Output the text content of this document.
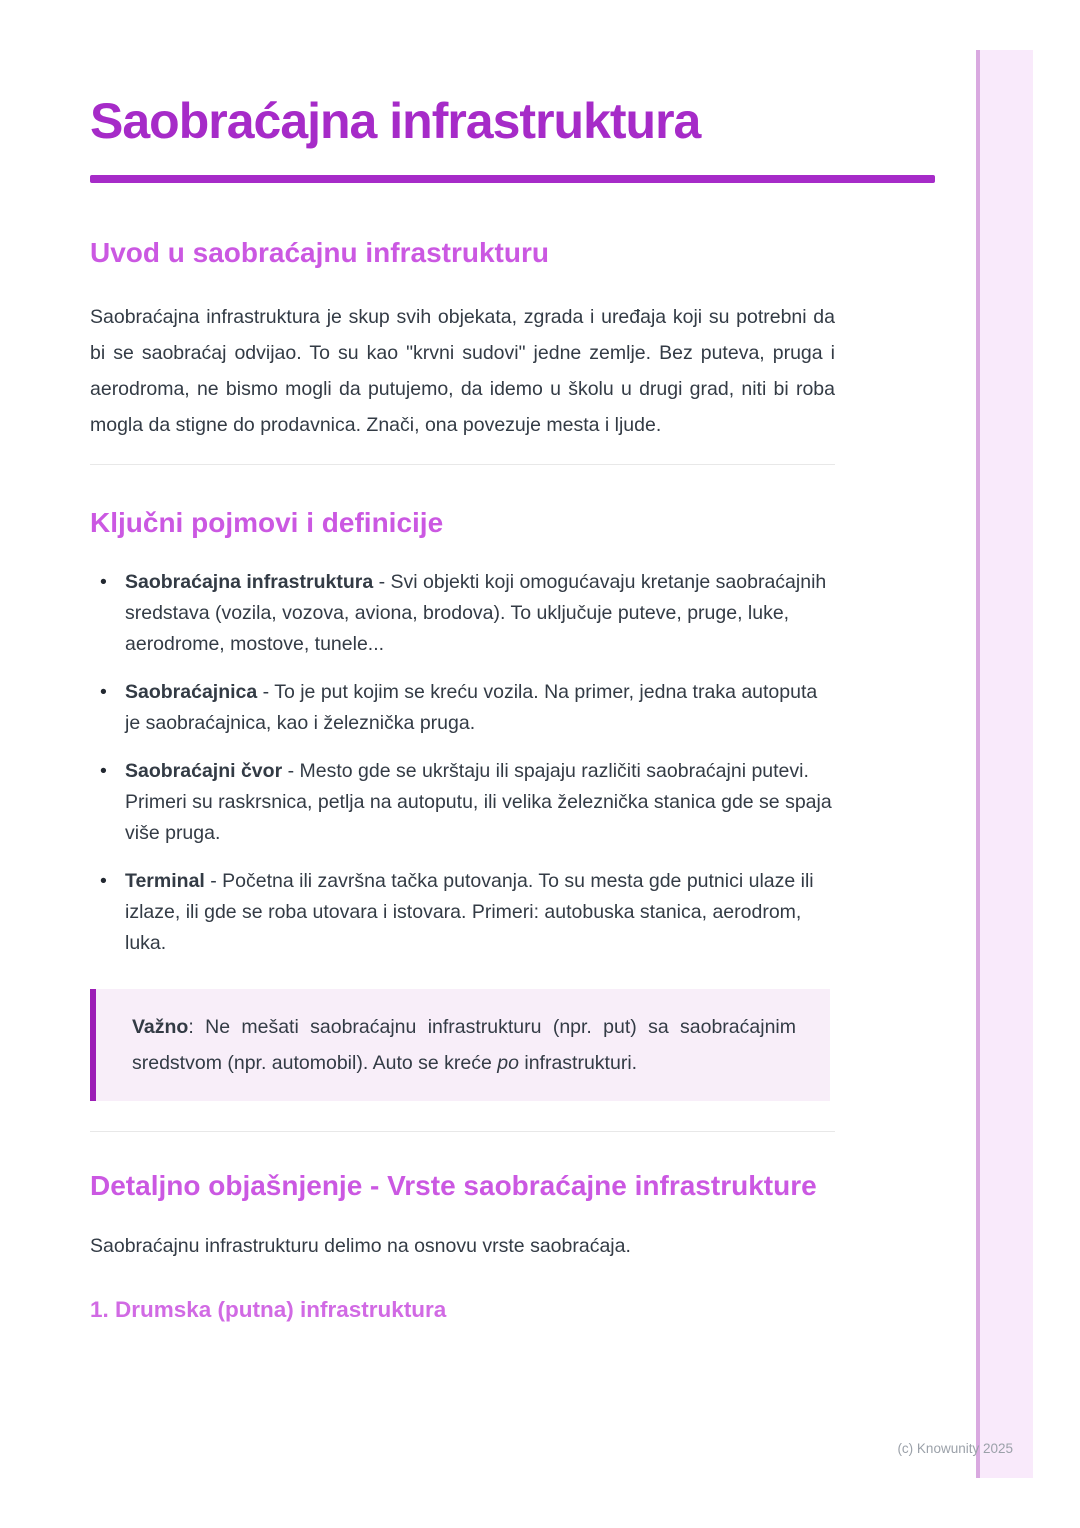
Saobraćajna infrastruktura
Uvod u saobraćajnu infrastrukturu

Saobraćajna infrastruktura je skup svih objekata, zgrada i uređaja koji su potrebni da bi se saobraćaj odvijao. To su kao "krvni sudovi" jedne zemlje. Bez puteva, pruga i aerodroma, ne bismo mogli da putujemo, da idemo u školu u drugi grad, niti bi roba mogla da stigne do prodavnica. Znači, ona povezuje mesta i ljude.

Ključni pojmovi i definicije
• Saobraćajna infrastruktura - Svi objekti koji omogućavaju kretanje saobraćajnih sredstava (vozila, vozova, aviona, brodova). To uključuje puteve, pruge, luke, aerodrome, mostove, tunele...
• Saobraćajnica - To je put kojim se kreću vozila. Na primer, jedna traka autoputa je saobraćajnica, kao i železnička pruga.
• Saobraćajni čvor - Mesto gde se ukrštaju ili spajaju različiti saobraćajni putevi. Primeri su raskrsnica, petlja na autoputu, ili velika železnička stanica gde se spaja više pruga.
• Terminal - Početna ili završna tačka putovanja. To su mesta gde putnici ulaze ili izlaze, ili gde se roba utovara i istovara. Primeri: autobuska stanica, aerodrom, luka.

Važno: Ne mešati saobraćajnu infrastrukturu (npr. put) sa saobraćajnim sredstvom (npr. automobil). Auto se kreće po infrastrukturi.

Detaljno objašnjenje - Vrste saobraćajne infrastrukture

Saobraćajnu infrastrukturu delimo na osnovu vrste saobraćaja.

1. Drumska (putna) infrastruktura
(c) Knowunity 2025
